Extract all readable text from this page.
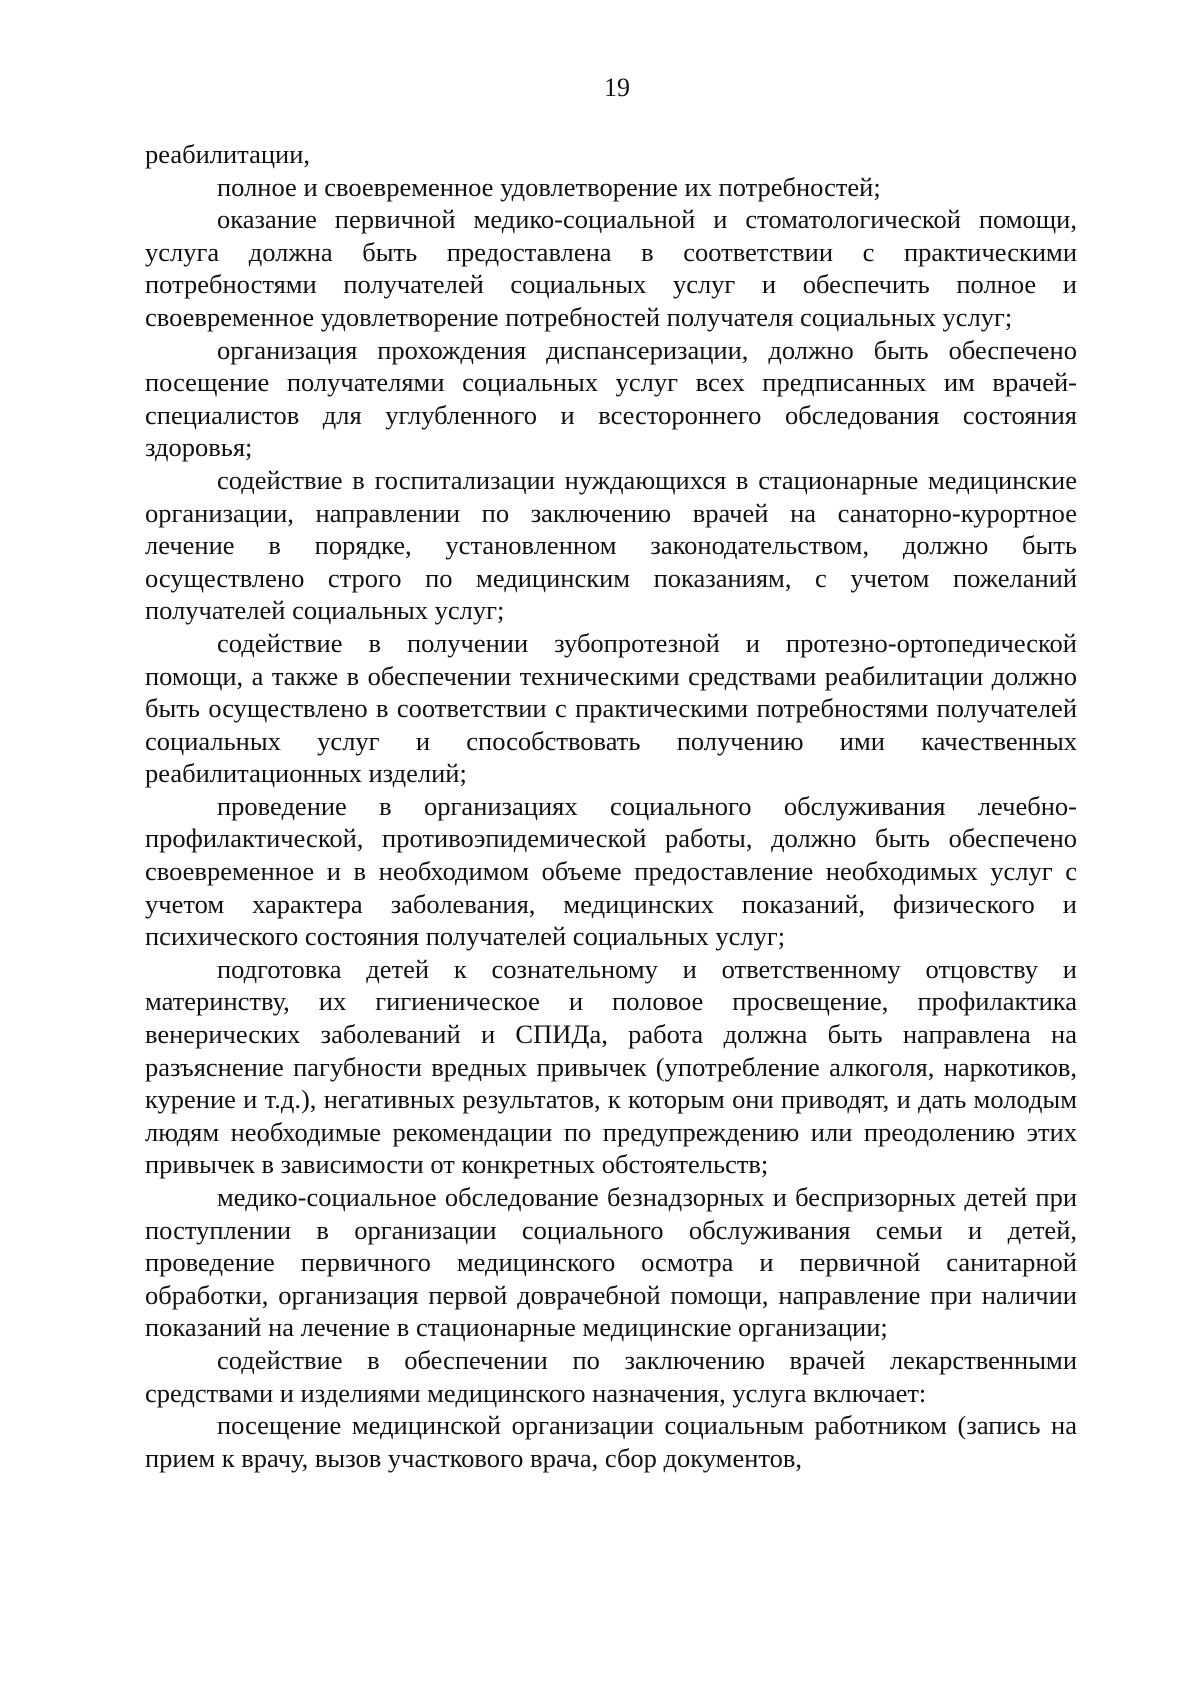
19

реабилитации,

полное и своевременное удовлетворение их потребностей;

оказание первичной медико-социальной и стоматологической помощи, услуга должна быть предоставлена в соответствии с практическими потребностями получателей социальных услуг и обеспечить полное и своевременное удовлетворение потребностей получателя социальных услуг;

организация прохождения диспансеризации, должно быть обеспечено посещение получателями социальных услуг всех предписанных им врачей-специалистов для углубленного и всестороннего обследования состояния здоровья;

содействие в госпитализации нуждающихся в стационарные медицинские организации, направлении по заключению врачей на санаторно-курортное лечение в порядке, установленном законодательством, должно быть осуществлено строго по медицинским показаниям, с учетом пожеланий получателей социальных услуг;

содействие в получении зубопротезной и протезно-ортопедической помощи, а также в обеспечении техническими средствами реабилитации должно быть осуществлено в соответствии с практическими потребностями получателей социальных услуг и способствовать получению ими качественных реабилитационных изделий;

проведение в организациях социального обслуживания лечебно-профилактической, противоэпидемической работы, должно быть обеспечено своевременное и в необходимом объеме предоставление необходимых услуг с учетом характера заболевания, медицинских показаний, физического и психического состояния получателей социальных услуг;

подготовка детей к сознательному и ответственному отцовству и материнству, их гигиеническое и половое просвещение, профилактика венерических заболеваний и СПИДа, работа должна быть направлена на разъяснение пагубности вредных привычек (употребление алкоголя, наркотиков, курение и т.д.), негативных результатов, к которым они приводят, и дать молодым людям необходимые рекомендации по предупреждению или преодолению этих привычек в зависимости от конкретных обстоятельств;

медико-социальное обследование безнадзорных и беспризорных детей при поступлении в организации социального обслуживания семьи и детей, проведение первичного медицинского осмотра и первичной санитарной обработки, организация первой доврачебной помощи, направление при наличии показаний на лечение в стационарные медицинские организации;

содействие в обеспечении по заключению врачей лекарственными средствами и изделиями медицинского назначения, услуга включает:

посещение медицинской организации социальным работником (запись на прием к врачу, вызов участкового врача, сбор документов,
